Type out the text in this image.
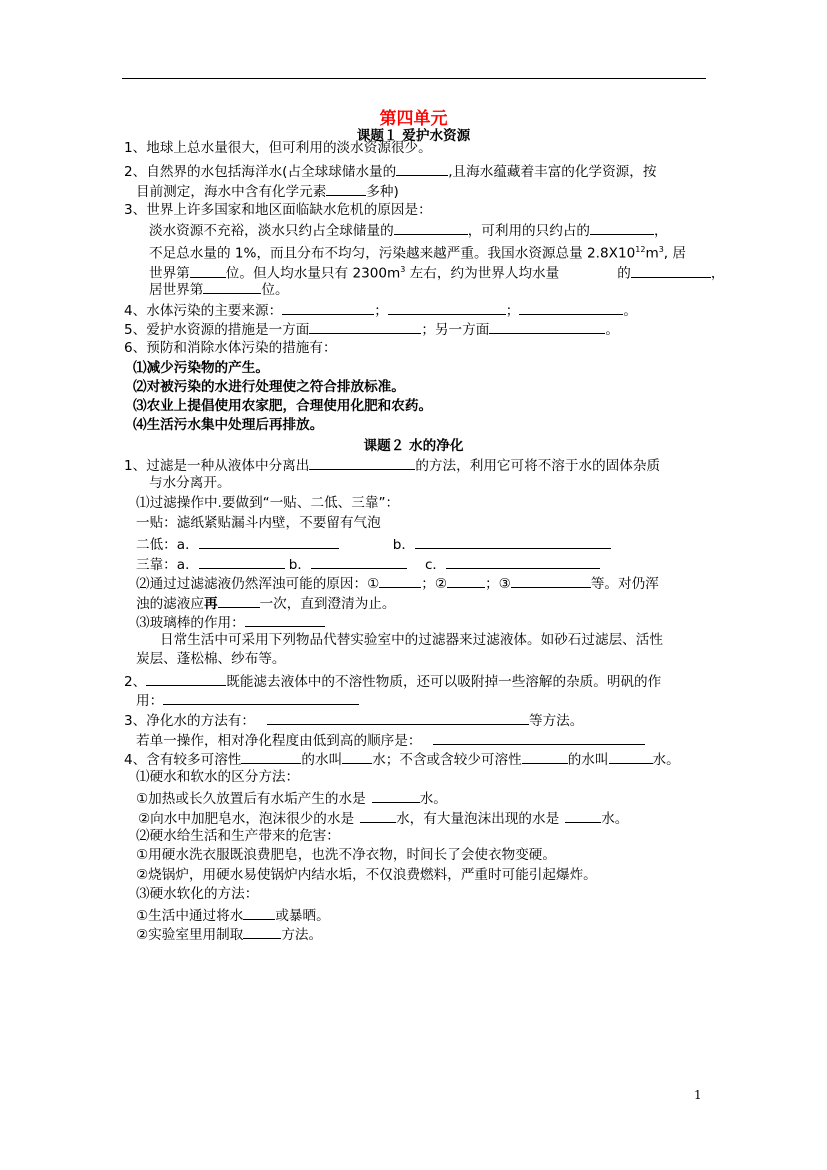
第四单元
课题１ 爱护水资源
1、地球上总水量很大，但可利用的淡水资源很少。
2、自然界的水包括海洋水(占全球球储水量的	,且海水蕴藏着丰富的化学资源，按
目前测定，海水中含有化学元素	多种)
3、世界上许多国家和地区面临缺水危机的原因是：
淡水资源不充裕，淡水只约占全球储量的	，可利用的只约占的	，
不足总水量的 1%，而且分布不均匀，污染越来越严重。我国水资源总量 $2.8X10^{12}m^3$, 居
世界第	位。但人均水量只有 $2300m^3$ 左右，约为世界人均水量	的	，
居世界第	位。
4、水体污染的主要来源：	；	；	。
5、爱护水资源的措施是一方面	；另一方面	。
6、预防和消除水体污染的措施有：
⑴减少污染物的产生。
⑵对被污染的水进行处理使之符合排放标准。
⑶农业上提倡使用农家肥，合理使用化肥和农药。
⑷生活污水集中处理后再排放。
课题２ 水的净化
1、过滤是一种从液体中分离出	的方法，利用它可将不溶于水的固体杂质
与水分离开。
⑴过滤操作中.要做到“一贴、二低、三靠”：
一贴：滤纸紧贴漏斗内壁，不要留有气泡
二低：a．	b．
三靠：a．	b．	c．
⑵通过过滤滤液仍然浑浊可能的原因：①	；②	；③	等。对仍浑
浊的滤液应再	一次，直到澄清为止。
⑶玻璃棒的作用：
日常生活中可采用下列物品代替实验室中的过滤器来过滤液体。如砂石过滤层、活性
炭层、蓬松棉、纱布等。
2、	既能滤去液体中的不溶性物质，还可以吸附掉一些溶解的杂质。明矾的作
用：
3、净化水的方法有：	等方法。
若单一操作，相对净化程度由低到高的顺序是：
4、含有较多可溶性	的水叫 水；不含或含较少可溶性	的水叫	水。
⑴硬水和软水的区分方法：
①加热或长久放置后有水垢产生的水是	水。
②向水中加肥皂水，泡沫很少的水是	水，有大量泡沫出现的水是	水。
⑵硬水给生活和生产带来的危害：
①用硬水洗衣服既浪费肥皂，也洗不净衣物，时间长了会使衣物变硬。
②烧锅炉，用硬水易使锅炉内结水垢，不仅浪费燃料，严重时可能引起爆炸。
⑶硬水软化的方法：
①生活中通过将水 或暴晒。
②实验室里用制取	方法。
1
